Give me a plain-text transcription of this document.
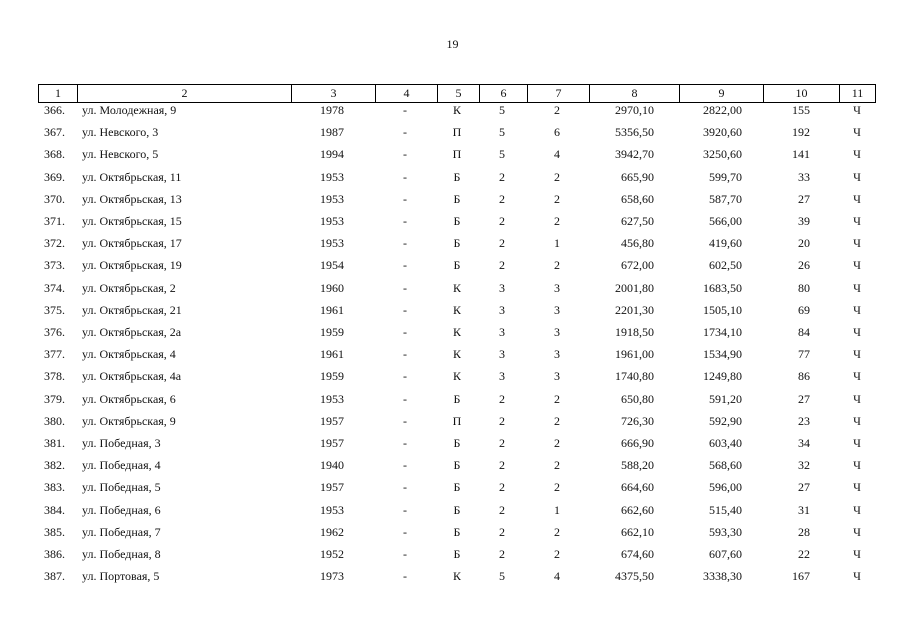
19
1	2	3	4	5	6	7	8	9	10	11
366.	ул. Молодежная, 9	1978	-	К	5	2	2970,10	2822,00	155	Ч
367.	ул. Невского, 3	1987	-	П	5	6	5356,50	3920,60	192	Ч
368.	ул. Невского, 5	1994	-	П	5	4	3942,70	3250,60	141	Ч
369.	ул. Октябрьская, 11	1953	-	Б	2	2	665,90	599,70	33	Ч
370.	ул. Октябрьская, 13	1953	-	Б	2	2	658,60	587,70	27	Ч
371.	ул. Октябрьская, 15	1953	-	Б	2	2	627,50	566,00	39	Ч
372.	ул. Октябрьская, 17	1953	-	Б	2	1	456,80	419,60	20	Ч
373.	ул. Октябрьская, 19	1954	-	Б	2	2	672,00	602,50	26	Ч
374.	ул. Октябрьская, 2	1960	-	К	3	3	2001,80	1683,50	80	Ч
375.	ул. Октябрьская, 21	1961	-	К	3	3	2201,30	1505,10	69	Ч
376.	ул. Октябрьская, 2а	1959	-	К	3	3	1918,50	1734,10	84	Ч
377.	ул. Октябрьская, 4	1961	-	К	3	3	1961,00	1534,90	77	Ч
378.	ул. Октябрьская, 4а	1959	-	К	3	3	1740,80	1249,80	86	Ч
379.	ул. Октябрьская, 6	1953	-	Б	2	2	650,80	591,20	27	Ч
380.	ул. Октябрьская, 9	1957	-	П	2	2	726,30	592,90	23	Ч
381.	ул. Победная, 3	1957	-	Б	2	2	666,90	603,40	34	Ч
382.	ул. Победная, 4	1940	-	Б	2	2	588,20	568,60	32	Ч
383.	ул. Победная, 5	1957	-	Б	2	2	664,60	596,00	27	Ч
384.	ул. Победная, 6	1953	-	Б	2	1	662,60	515,40	31	Ч
385.	ул. Победная, 7	1962	-	Б	2	2	662,10	593,30	28	Ч
386.	ул. Победная, 8	1952	-	Б	2	2	674,60	607,60	22	Ч
387.	ул. Портовая, 5	1973	-	К	5	4	4375,50	3338,30	167	Ч
